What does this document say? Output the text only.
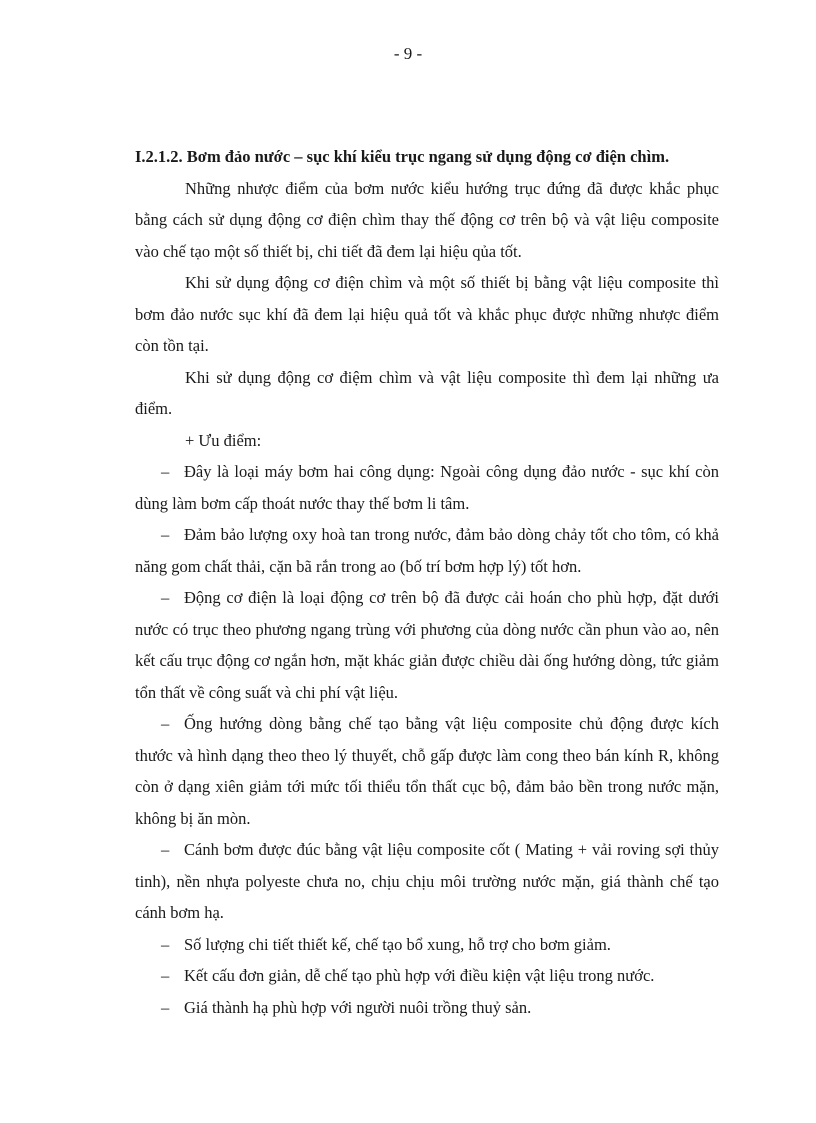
- 9 -
I.2.1.2. Bơm đảo nước – sục khí kiểu trục ngang sử dụng động cơ điện chìm.

Những nhược điểm của bơm nước kiểu hướng trục đứng đã được khắc phục bằng cách sử dụng động cơ điện chìm thay thế động cơ trên bộ và vật liệu composite vào chế tạo một số thiết bị, chi tiết đã đem lại hiệu qủa tốt.

Khi sử dụng động cơ điện chìm và một số thiết bị bằng vật liệu composite thì bơm đảo nước sục khí đã đem lại hiệu quả tốt và khắc phục được những nhược điểm còn tồn tại.

Khi sử dụng động cơ điệm chìm và vật liệu composite thì đem lại những ưa điểm.

+ Ưu điểm:

– Đây là loại máy bơm hai công dụng: Ngoài công dụng đảo nước - sục khí còn dùng làm bơm cấp thoát nước thay thế bơm li tâm.

– Đảm bảo lượng oxy hoà tan trong nước, đảm bảo dòng chảy tốt cho tôm, có khả năng gom chất thải, cặn bã rắn trong ao (bố trí bơm hợp lý) tốt hơn.

– Động cơ điện là loại động cơ trên bộ đã được cải hoán cho phù hợp, đặt dưới nước có trục theo phương ngang trùng với phương của dòng nước cần phun vào ao, nên kết cấu trục động cơ ngắn hơn, mặt khác giản được chiều dài ống hướng dòng, tức giảm tổn thất về công suất và chi phí vật liệu.

– Ống hướng dòng bằng chế tạo bằng vật liệu composite chủ động được kích thước và hình dạng theo theo lý thuyết, chỗ gấp được làm cong theo bán kính R, không còn ở dạng xiên giảm tới mức tối thiểu tổn thất cục bộ, đảm bảo bền trong nước mặn, không bị ăn mòn.

– Cánh bơm được đúc bằng vật liệu composite cốt ( Mating + vải roving sợi thủy tinh), nền nhựa polyeste chưa no, chịu chịu môi trường nước mặn, giá thành chế tạo cánh bơm hạ.

– Số lượng chi tiết thiết kế, chế tạo bổ xung, hỗ trợ cho bơm giảm.

– Kết cấu đơn giản, dễ chế tạo phù hợp với điều kiện vật liệu trong nước.

– Giá thành hạ phù hợp với người nuôi trồng thuỷ sản.
